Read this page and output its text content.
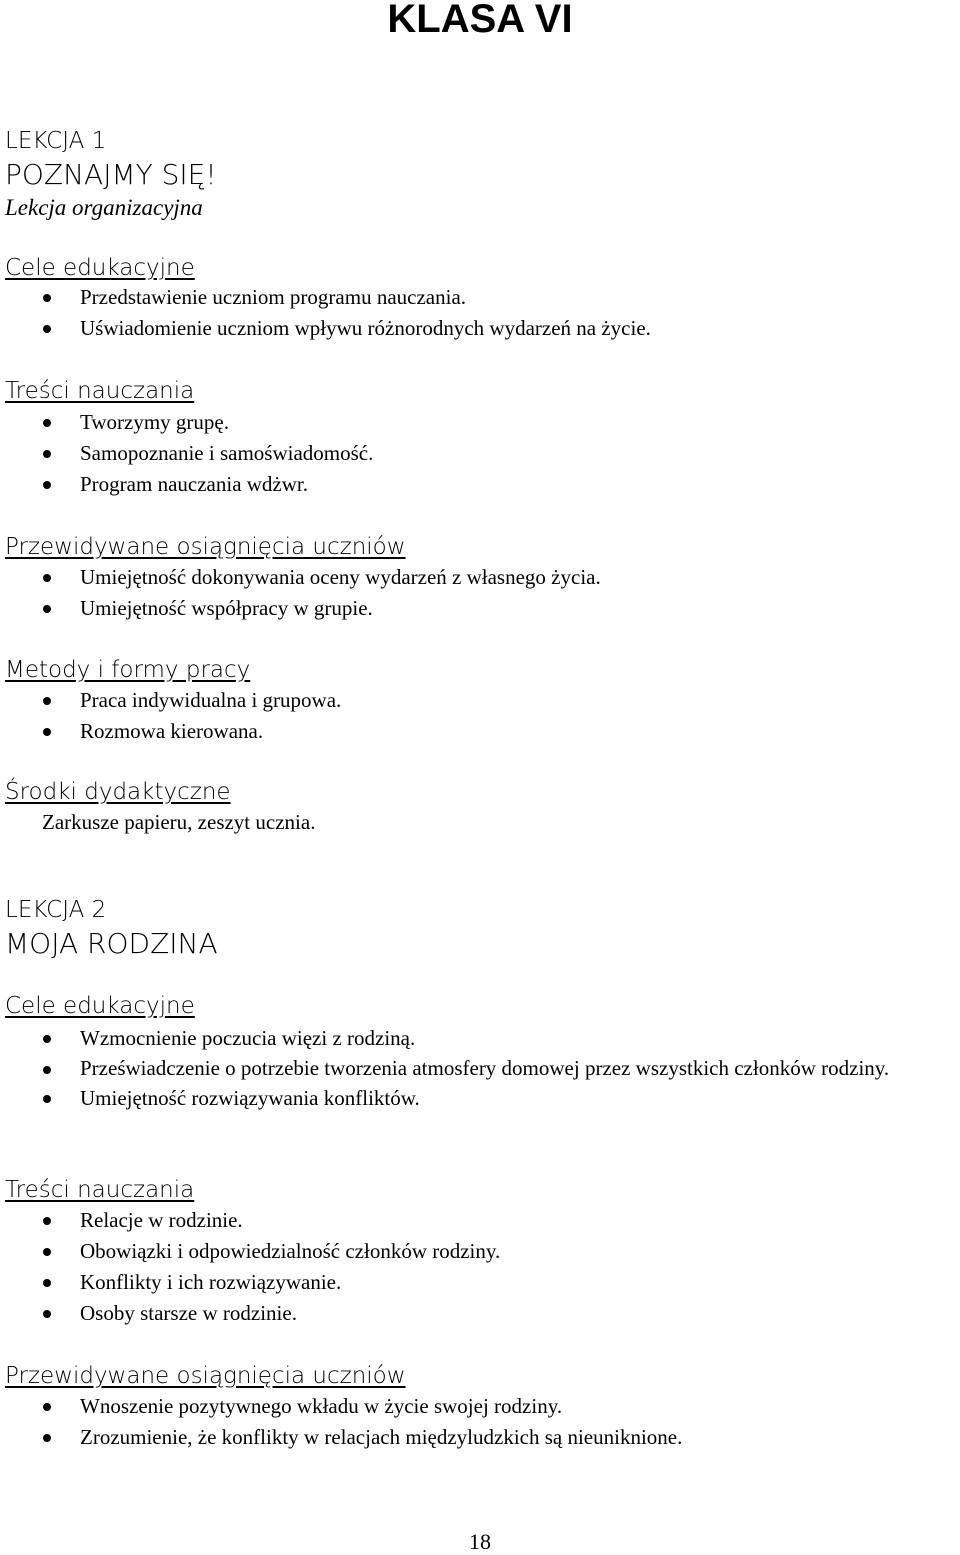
KLASA VI
LEKCJA 1
POZNAJMY SIĘ!
Lekcja organizacyjna
Cele edukacyjne
Przedstawienie uczniom programu nauczania.
Uświadomienie uczniom wpływu różnorodnych wydarzeń na życie.
Treści nauczania
Tworzymy grupę.
Samopoznanie i samoświadomość.
Program nauczania wdżwr.
Przewidywane osiągnięcia uczniów
Umiejętność dokonywania oceny wydarzeń z własnego życia.
Umiejętność współpracy w grupie.
Metody i formy pracy
Praca indywidualna i grupowa.
Rozmowa kierowana.
Środki dydaktyczne
Zarkusze papieru, zeszyt ucznia.
LEKCJA 2
MOJA RODZINA
Cele edukacyjne
Wzmocnienie poczucia więzi z rodziną.
Przeświadczenie o potrzebie tworzenia atmosfery domowej przez wszystkich członków rodziny.
Umiejętność rozwiązywania konfliktów.
Treści nauczania
Relacje w rodzinie.
Obowiązki i odpowiedzialność członków rodziny.
Konflikty i ich rozwiązywanie.
Osoby starsze w rodzinie.
Przewidywane osiągnięcia uczniów
Wnoszenie pozytywnego wkładu w życie swojej rodziny.
Zrozumienie, że konflikty w relacjach międzyludzkich są nieuniknione.
18
